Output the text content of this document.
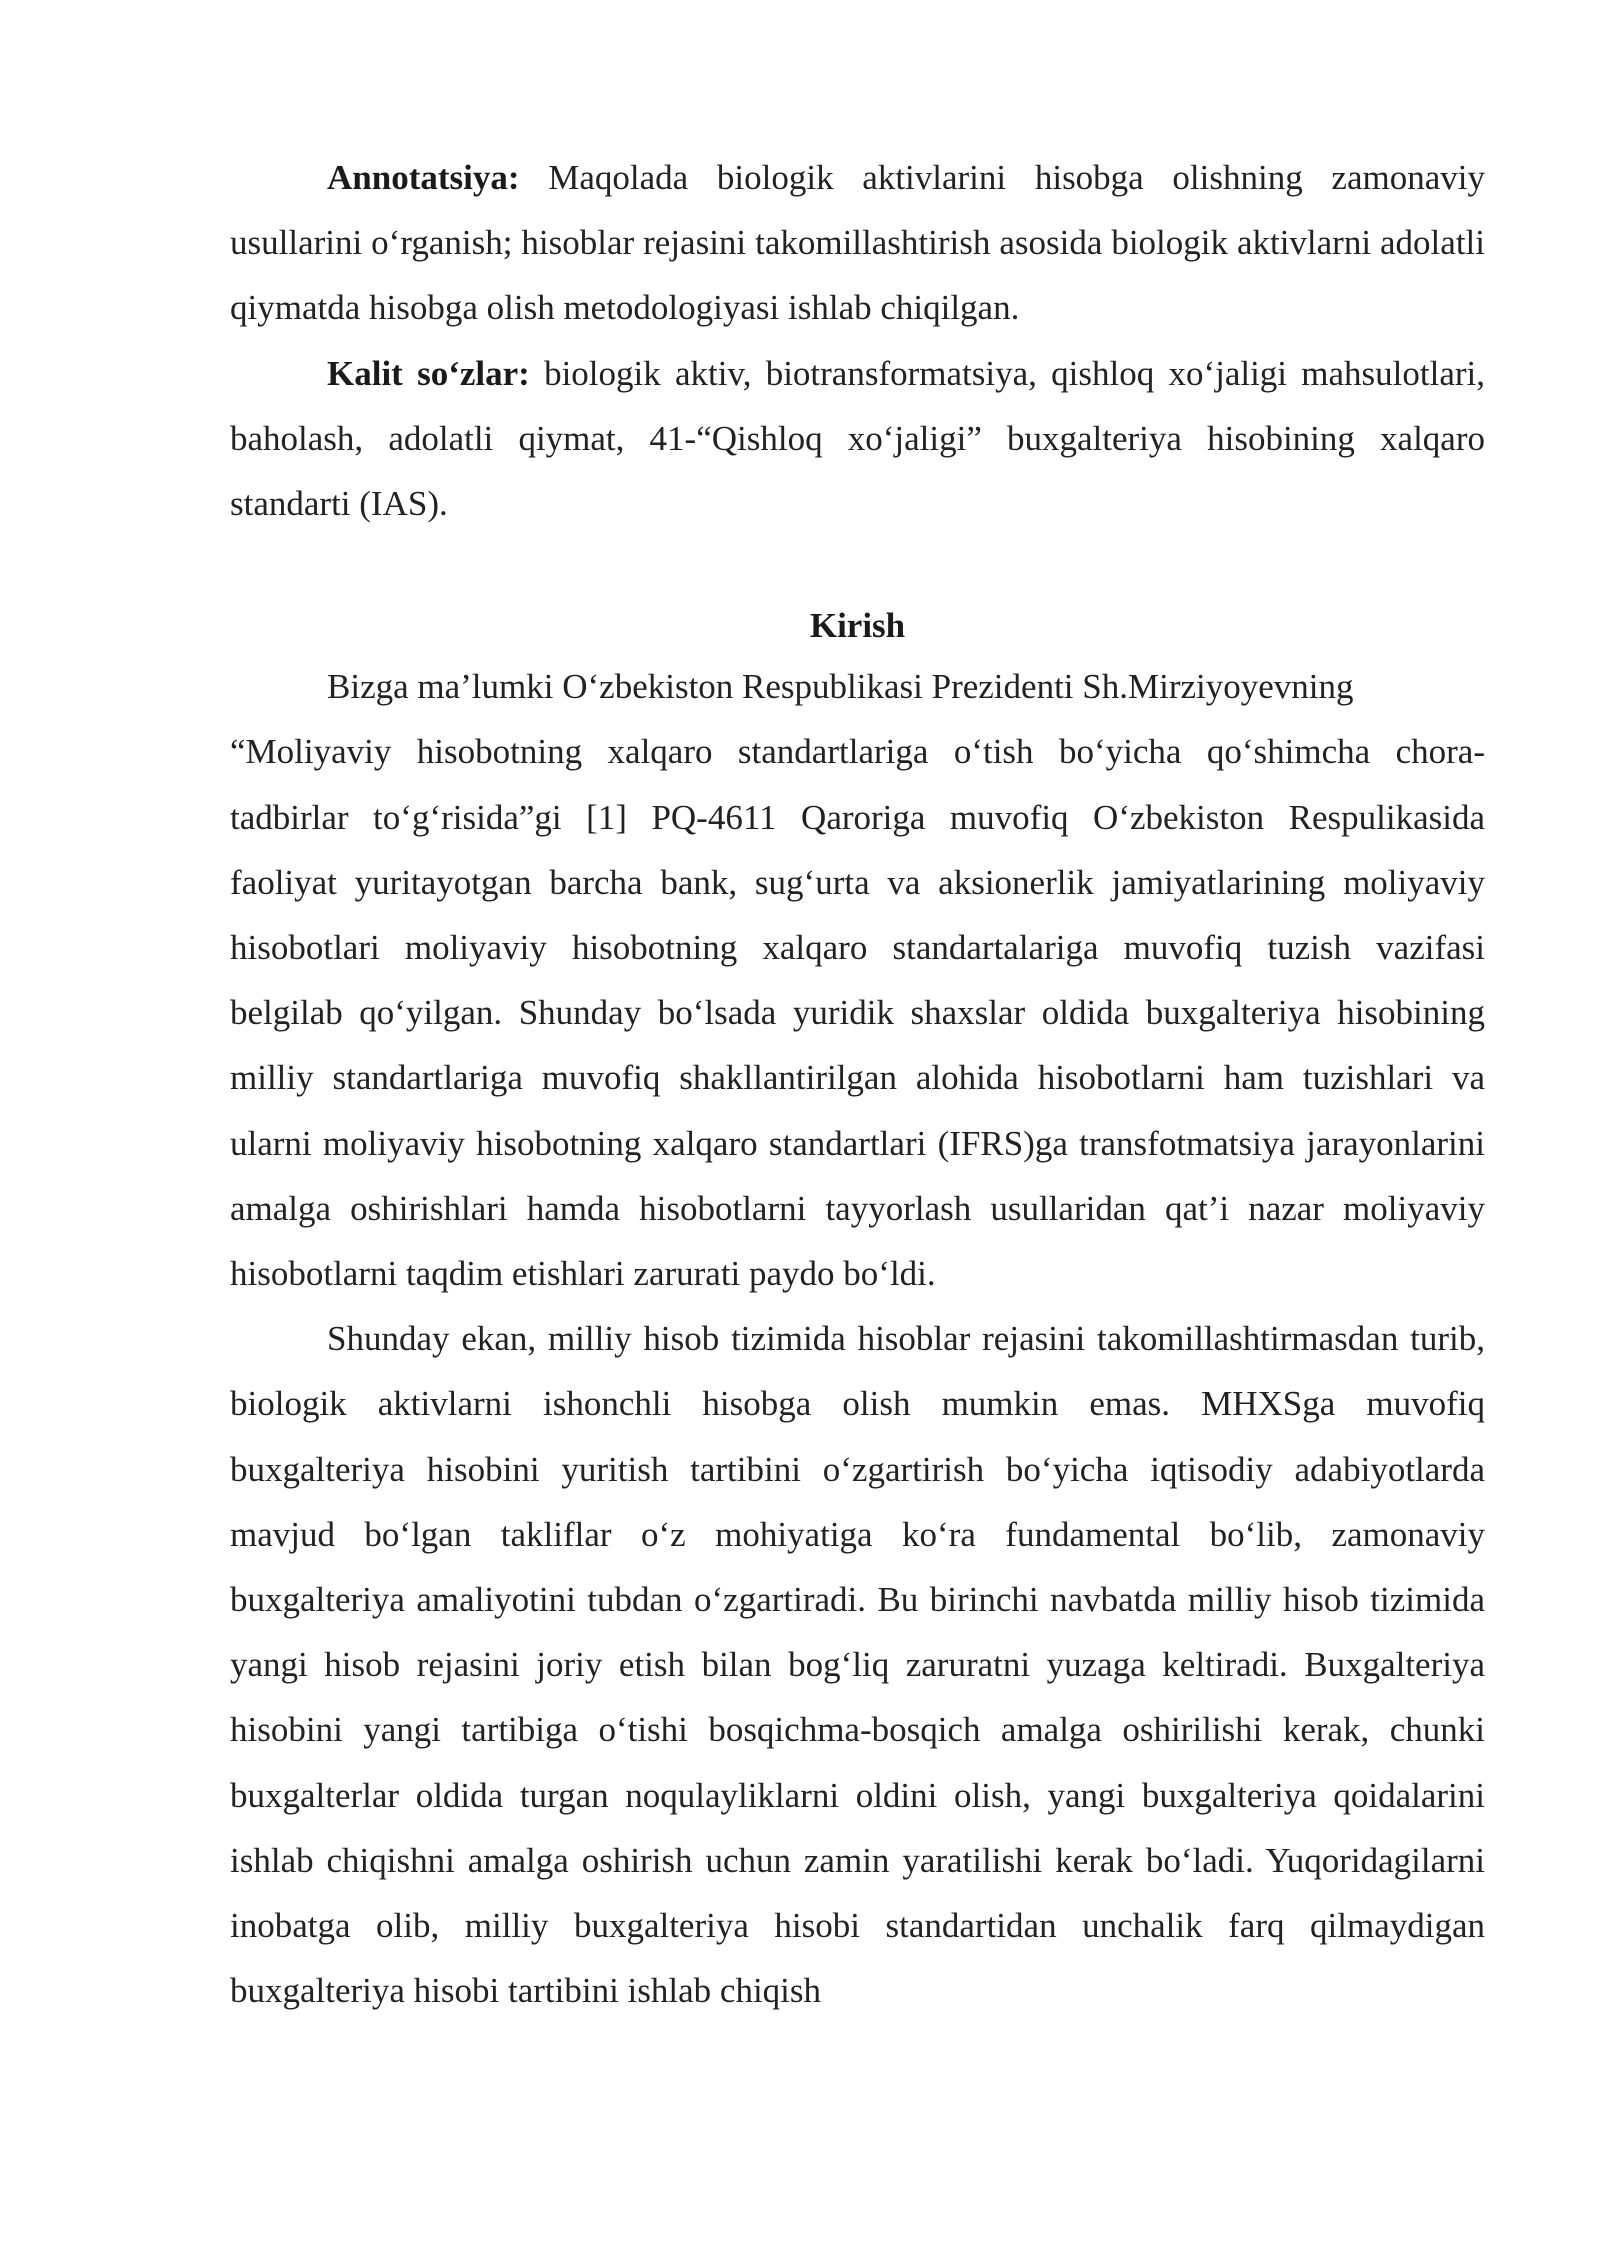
Annotatsiya: Maqolada biologik aktivlarini hisobga olishning zamonaviy usullarini o‘rganish; hisoblar rejasini takomillashtirish asosida biologik aktivlarni adolatli qiymatda hisobga olish metodologiyasi ishlab chiqilgan.

Kalit so‘zlar: biologik aktiv, biotransformatsiya, qishloq xo‘jaligi mahsulotlari, baholash, adolatli qiymat, 41-“Qishloq xo‘jaligi” buxgalteriya hisobining xalqaro standarti (IAS).

Kirish

Bizga ma’lumki O‘zbekiston Respublikasi Prezidenti Sh.Mirziyoyevning
“Moliyaviy hisobotning xalqaro standartlariga o‘tish bo‘yicha qo‘shimcha chora-tadbirlar to‘g‘risida”gi [1] PQ-4611 Qaroriga muvofiq O‘zbekiston Respulikasida faoliyat yuritayotgan barcha bank, sug‘urta va aksionerlik jamiyatlarining moliyaviy hisobotlari moliyaviy hisobotning xalqaro standartalariga muvofiq tuzish vazifasi belgilab qo‘yilgan. Shunday bo‘lsada yuridik shaxslar oldida buxgalteriya hisobining milliy standartlariga muvofiq shakllantirilgan alohida hisobotlarni ham tuzishlari va ularni moliyaviy hisobotning xalqaro standartlari (IFRS)ga transfotmatsiya jarayonlarini amalga oshirishlari hamda hisobotlarni tayyorlash usullaridan qat’i nazar moliyaviy hisobotlarni taqdim etishlari zarurati paydo bo‘ldi.

Shunday ekan, milliy hisob tizimida hisoblar rejasini takomillashtirmasdan turib, biologik aktivlarni ishonchli hisobga olish mumkin emas. MHXSga muvofiq buxgalteriya hisobini yuritish tartibini o‘zgartirish bo‘yicha iqtisodiy adabiyotlarda mavjud bo‘lgan takliflar o‘z mohiyatiga ko‘ra fundamental bo‘lib, zamonaviy buxgalteriya amaliyotini tubdan o‘zgartiradi. Bu birinchi navbatda milliy hisob tizimida yangi hisob rejasini joriy etish bilan bog‘liq zaruratni yuzaga keltiradi. Buxgalteriya hisobini yangi tartibiga o‘tishi bosqichma-bosqich amalga oshirilishi kerak, chunki buxgalterlar oldida turgan noqulayliklarni oldini olish, yangi buxgalteriya qoidalarini ishlab chiqishni amalga oshirish uchun zamin yaratilishi kerak bo‘ladi. Yuqoridagilarni inobatga olib, milliy buxgalteriya hisobi standartidan unchalik farq qilmaydigan buxgalteriya hisobi tartibini ishlab chiqish
